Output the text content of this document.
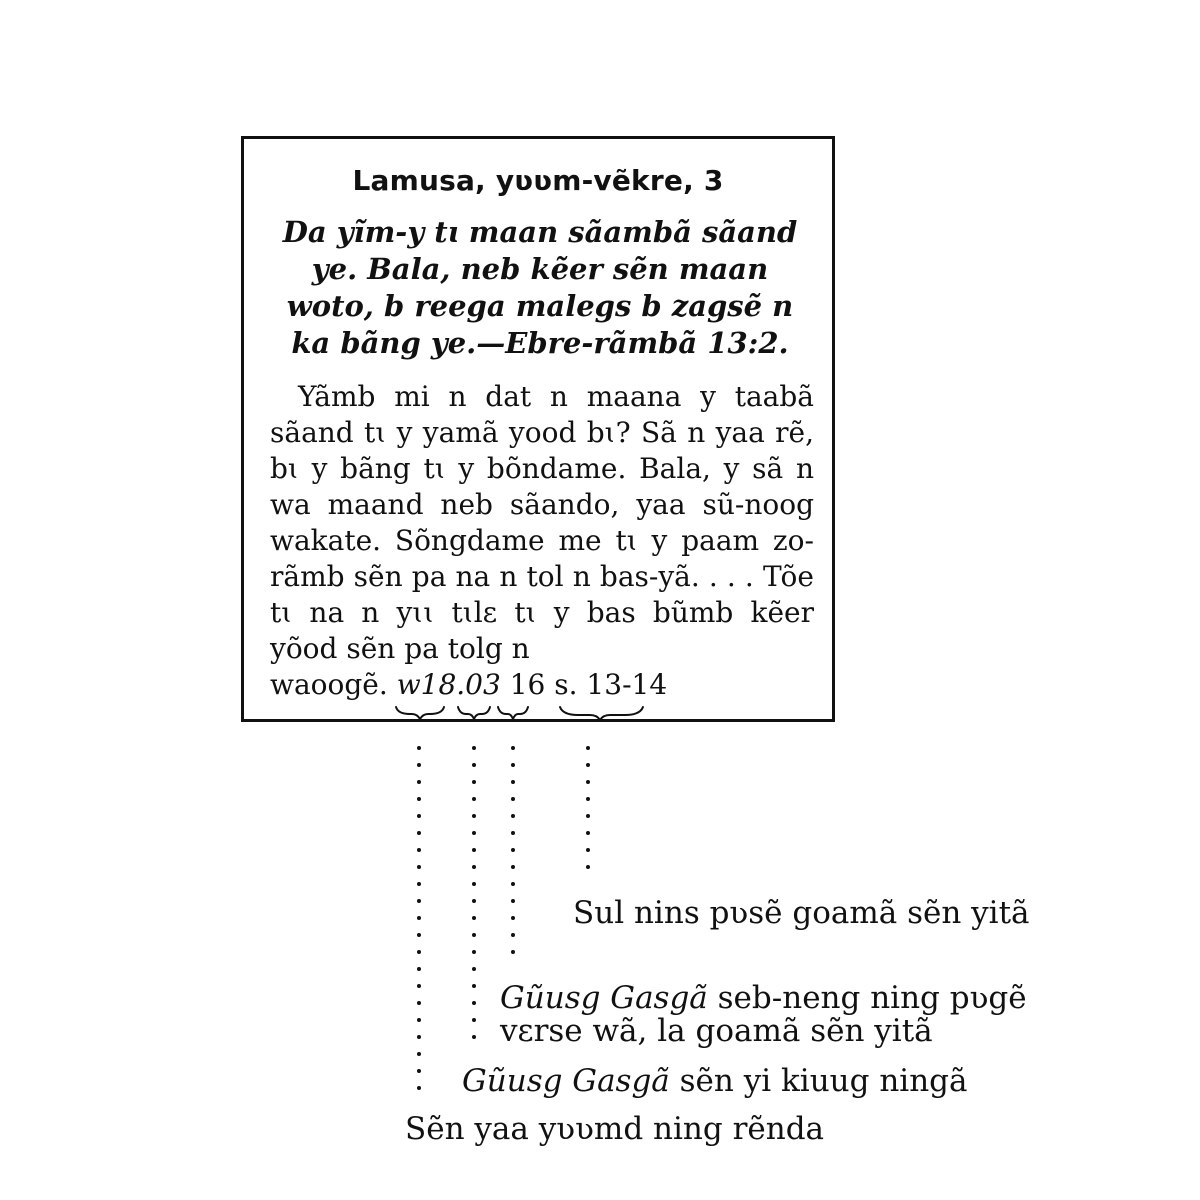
Lamusa, yʋʋm-vẽkre, 3
Da yĩm-y tɩ maan sãambã sãand ye. Bala, neb kẽer sẽn maan woto, b reega malegs b zagsẽ n ka bãng ye.—Ebre-rãmbã 13:2.
Yãmb mi n dat n maana y taabã sãand tɩ y yamã yood bɩ? Sã n yaa rẽ, bɩ y bãng tɩ y bõndame. Bala, y sã n wa maand neb sãando, yaa sũ-noog wakate. Sõngdame me tɩ y paam zo-rãmb sẽn pa na n tol n bas-yã. . . . Tõe tɩ na n yɩɩ tɩlɛ tɩ y bas bũmb kẽer yõod sẽn pa tolg n
waoogẽ. w18.03 16 s. 13-14
Sul nins pʋsẽ goamã sẽn yitã
Gũusg Gasgã seb-neng ning pʋgẽ
vɛrse wã, la goamã sẽn yitã
Gũusg Gasgã sẽn yi kiuug ningã
Sẽn yaa yʋʋmd ning rẽnda
